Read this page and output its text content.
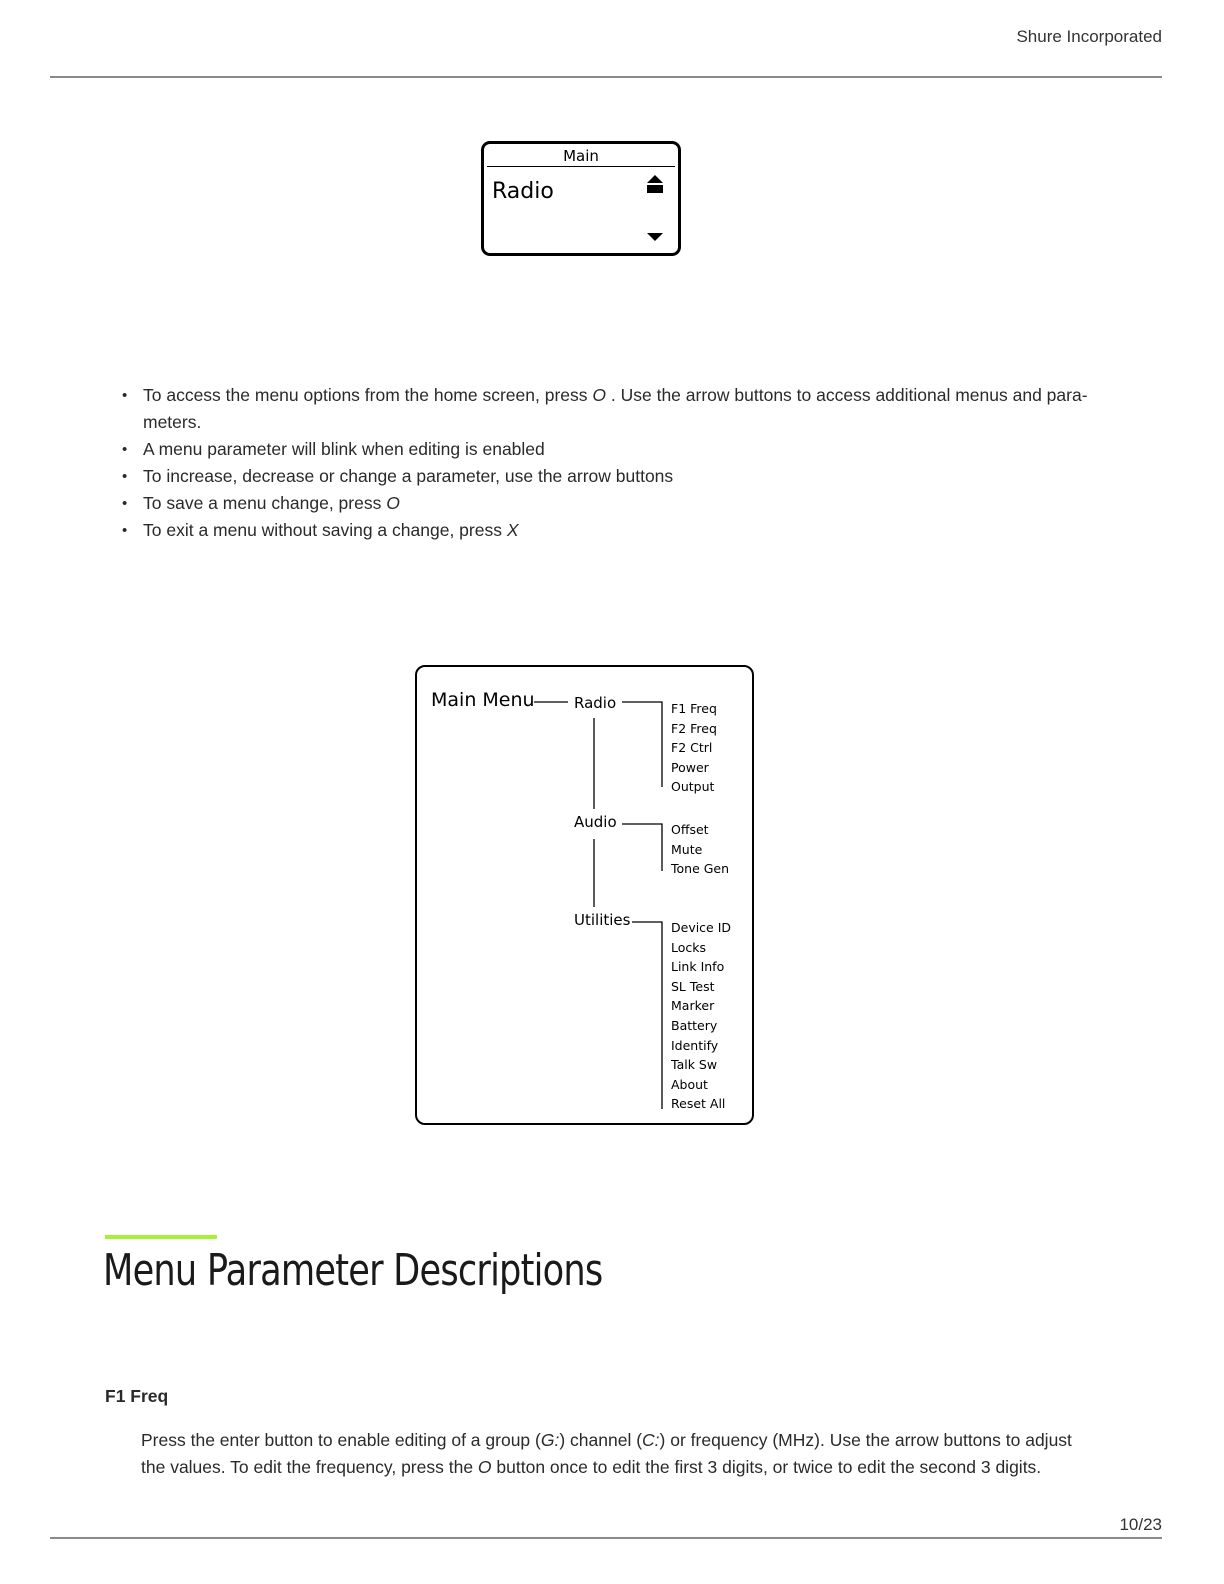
Shure Incorporated
Main
Radio
• To access the menu options from the home screen, press O . Use the arrow buttons to access additional menus and para-meters.
• A menu parameter will blink when editing is enabled
• To increase, decrease or change a parameter, use the arrow buttons
• To save a menu change, press O
• To exit a menu without saving a change, press X
Main Menu	Radio	F1 Freq
F2 Freq
F2 Ctrl
Power
Output
Audio	Offset
Mute
Tone Gen
Utilities	Device ID
Locks
Link Info
SL Test
Marker
Battery
Identify
Talk Sw
About
Reset All
Menu Parameter Descriptions
F1 Freq

Press the enter button to enable editing of a group (G:) channel (C:) or frequency (MHz). Use the arrow buttons to adjust the values. To edit the frequency, press the O button once to edit the first 3 digits, or twice to edit the second 3 digits.

10/23
